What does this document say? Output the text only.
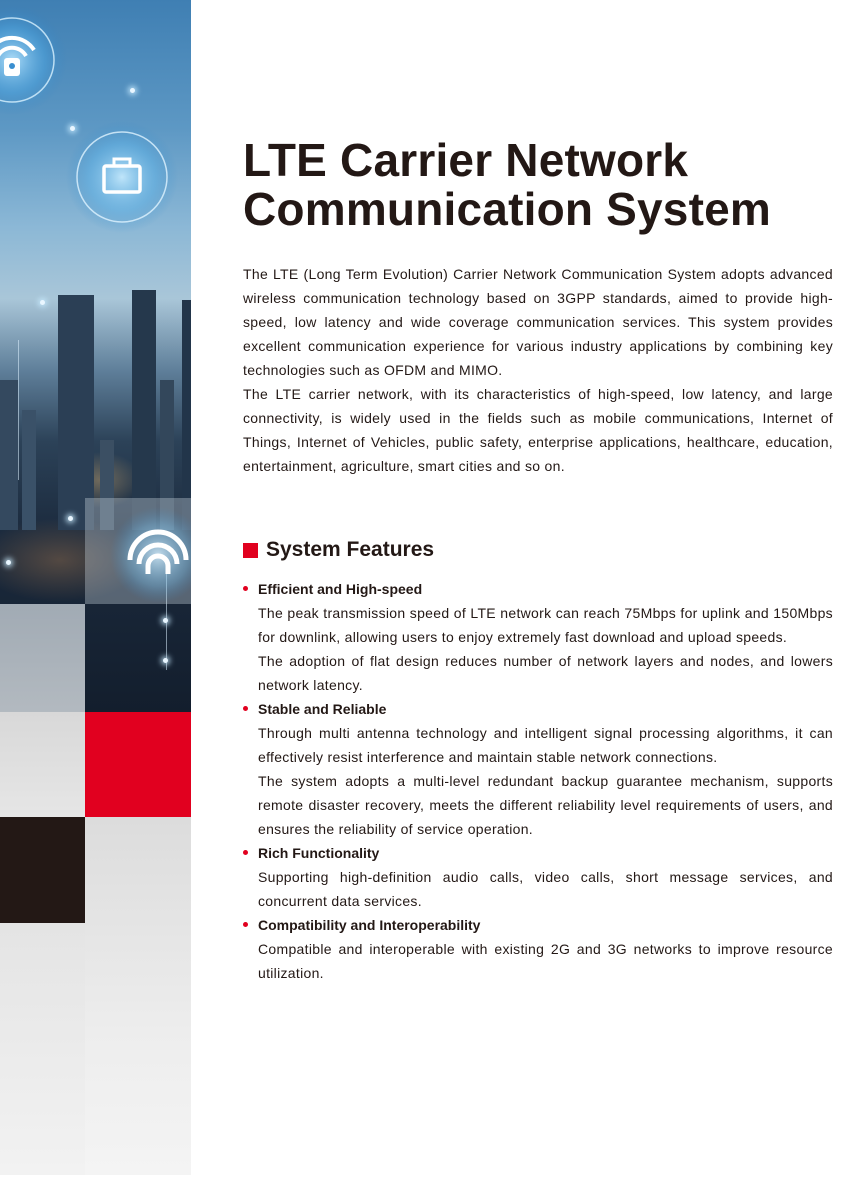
LTE Carrier Network
Communication System

The LTE (Long Term Evolution) Carrier Network Communication System adopts advanced wireless communication technology based on 3GPP standards, aimed to provide high-speed, low latency and wide coverage communication services. This system provides excellent communication experience for various industry applications by combining key technologies such as OFDM and MIMO.

The LTE carrier network, with its characteristics of high-speed, low latency, and large connectivity, is widely used in the fields such as mobile communications, Internet of Things, Internet of Vehicles, public safety, enterprise applications, healthcare, education, entertainment, agriculture, smart cities and so on.

System Features
Efficient and High-speed

The peak transmission speed of LTE network can reach 75Mbps for uplink and 150Mbps for downlink, allowing users to enjoy extremely fast download and upload speeds.

The adoption of flat design reduces number of network layers and nodes, and lowers network latency.

Stable and Reliable

Through multi antenna technology and intelligent signal processing algorithms, it can effectively resist interference and maintain stable network connections.

The system adopts a multi-level redundant backup guarantee mechanism, supports remote disaster recovery, meets the different reliability level requirements of users, and ensures the reliability of service operation.

Rich Functionality

Supporting high-definition audio calls, video calls, short message services, and concurrent data services.

Compatibility and Interoperability

Compatible and interoperable with existing 2G and 3G networks to improve resource utilization.
